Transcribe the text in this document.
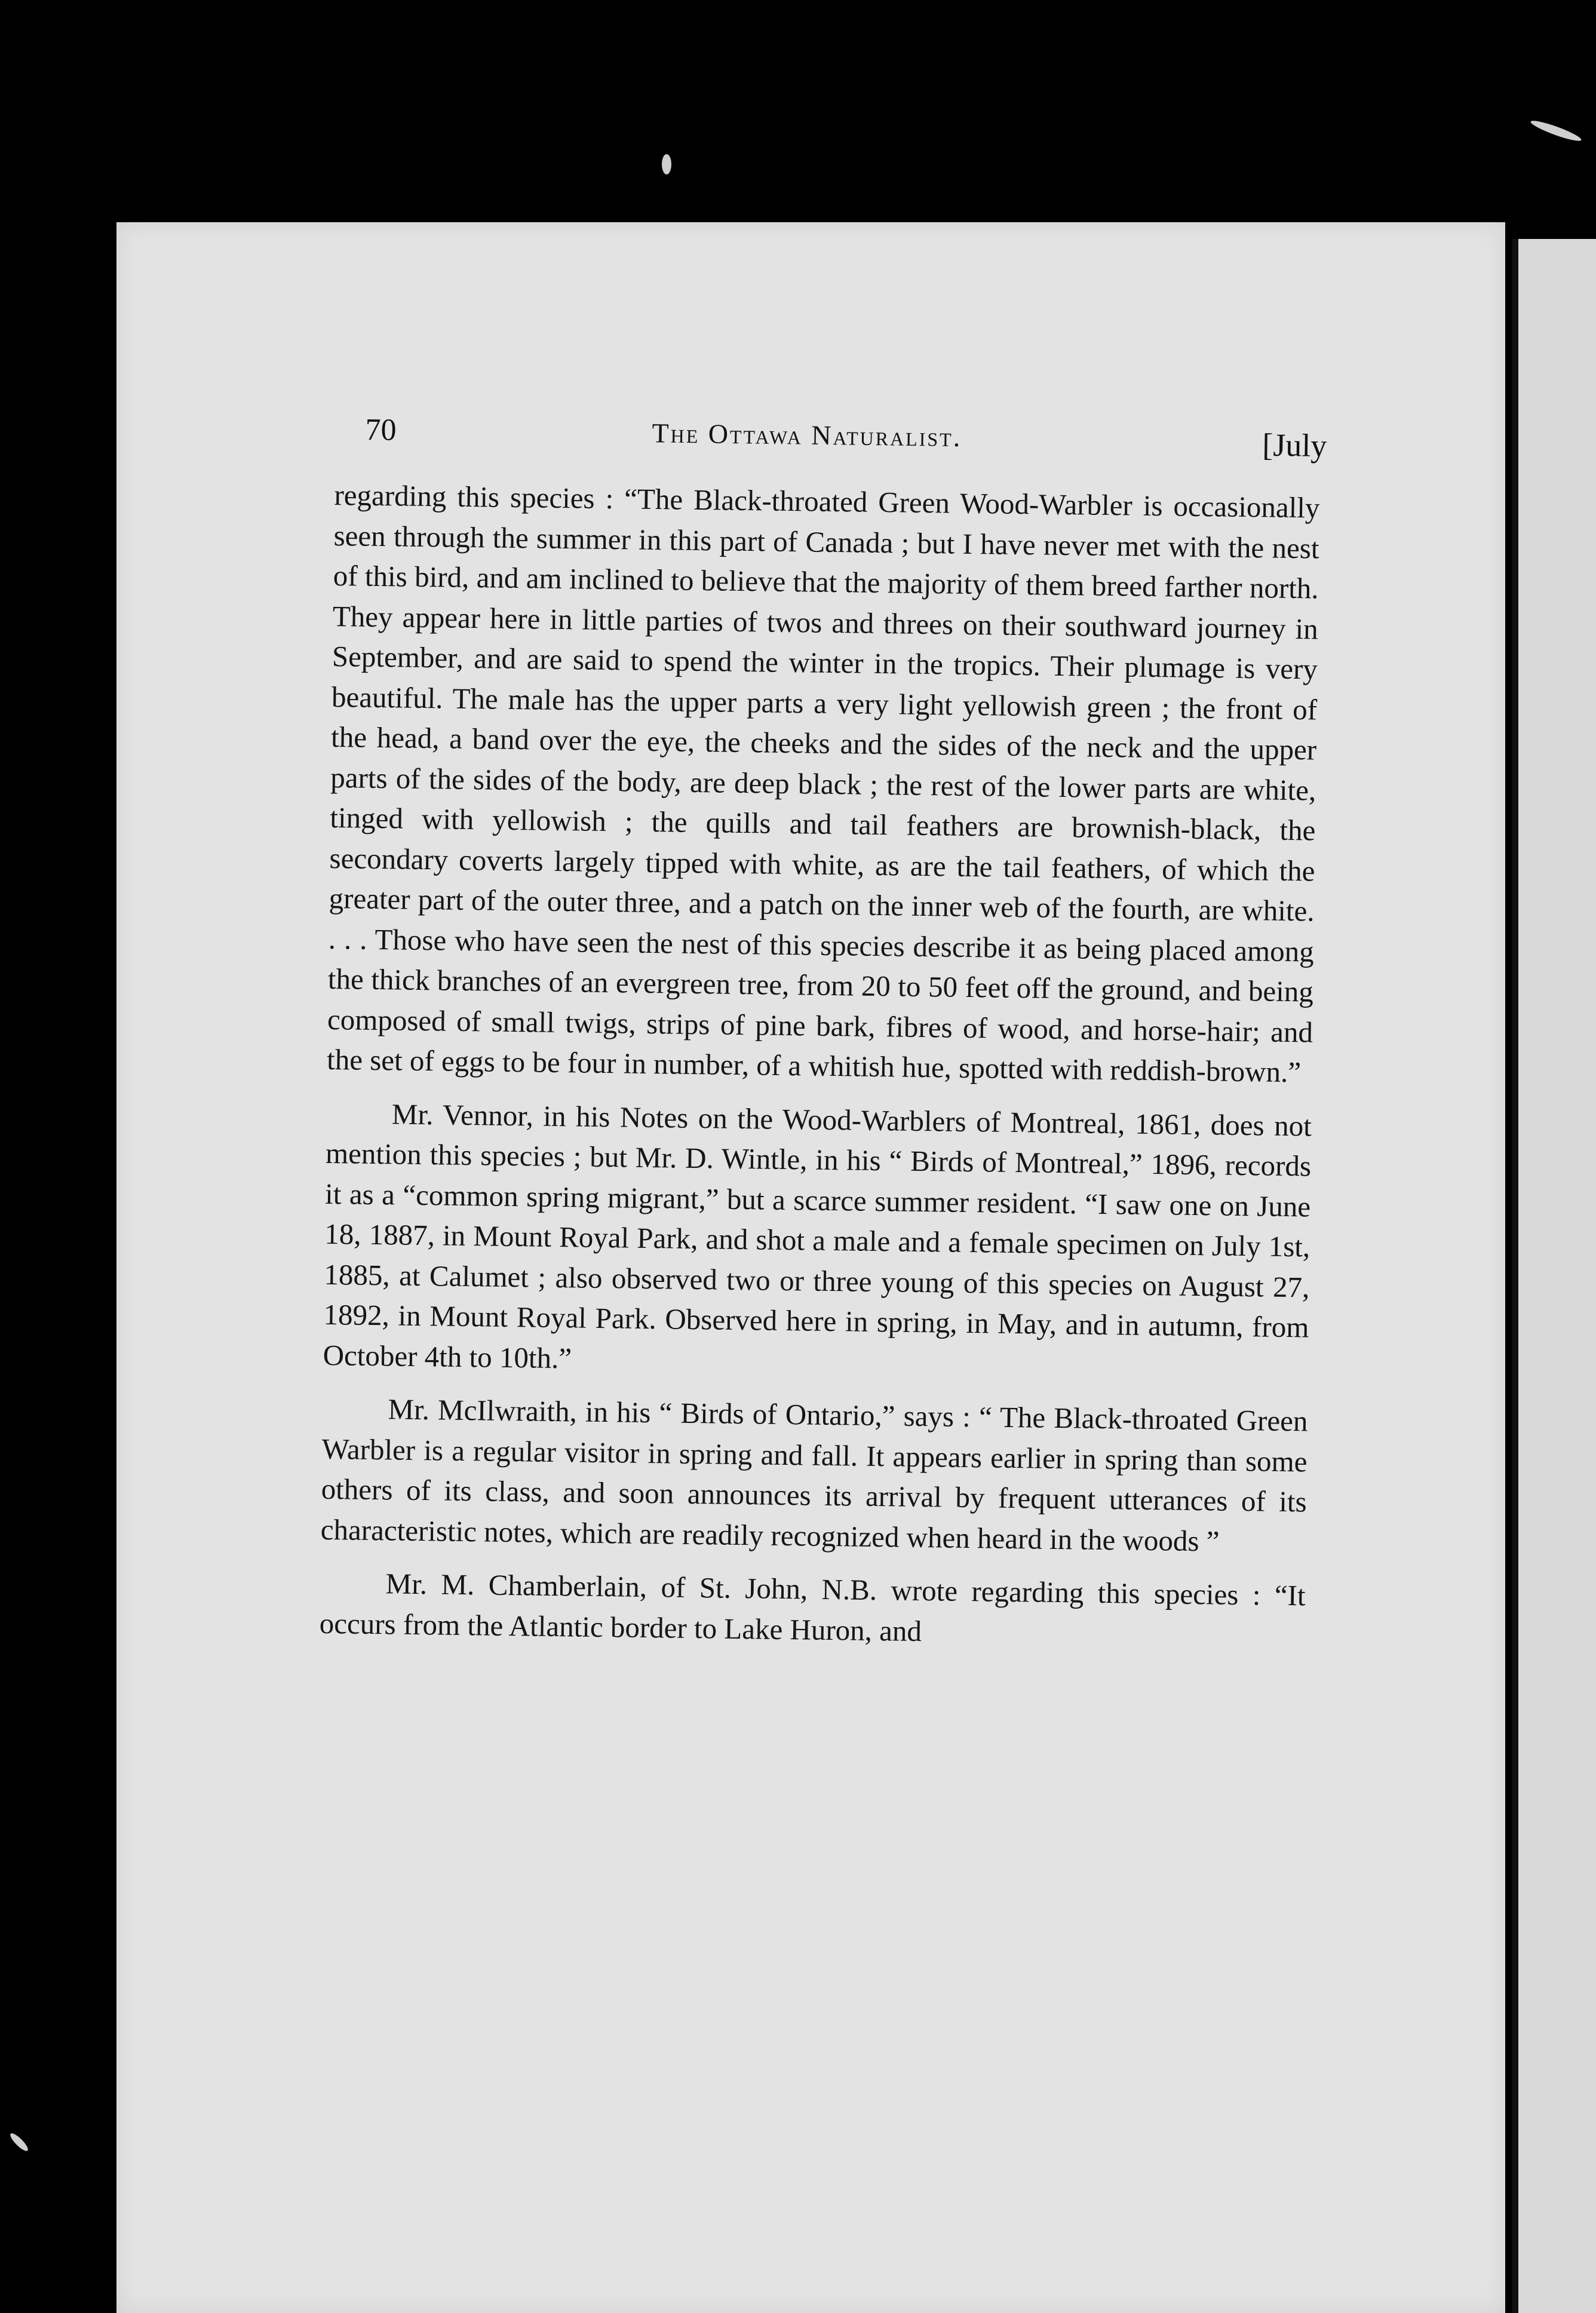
70	The Ottawa Naturalist.	[July

regarding this species : “The Black-throated Green Wood-Warbler is occasionally seen through the summer in this part of Canada ; but I have never met with the nest of this bird, and am inclined to believe that the majority of them breed farther north. They appear here in little parties of twos and threes on their southward journey in September, and are said to spend the winter in the tropics. Their plumage is very beautiful. The male has the upper parts a very light yellowish green ; the front of the head, a band over the eye, the cheeks and the sides of the neck and the upper parts of the sides of the body, are deep black ; the rest of the lower parts are white, tinged with yellowish ; the quills and tail feathers are brownish-black, the secondary coverts largely tipped with white, as are the tail feathers, of which the greater part of the outer three, and a patch on the inner web of the fourth, are white. . . . Those who have seen the nest of this species describe it as being placed among the thick branches of an evergreen tree, from 20 to 50 feet off the ground, and being composed of small twigs, strips of pine bark, fibres of wood, and horse-hair; and the set of eggs to be four in number, of a whitish hue, spotted with reddish-brown.”

Mr. Vennor, in his Notes on the Wood-Warblers of Montreal, 1861, does not mention this species ; but Mr. D. Wintle, in his “ Birds of Montreal,” 1896, records it as a “common spring migrant,” but a scarce summer resident. “I saw one on June 18, 1887, in Mount Royal Park, and shot a male and a female specimen on July 1st, 1885, at Calumet ; also observed two or three young of this species on August 27, 1892, in Mount Royal Park. Observed here in spring, in May, and in autumn, from October 4th to 10th.”

Mr. McIlwraith, in his “ Birds of Ontario,” says : “ The Black-throated Green Warbler is a regular visitor in spring and fall. It appears earlier in spring than some others of its class, and soon announces its arrival by frequent utterances of its characteristic notes, which are readily recognized when heard in the woods ”

Mr. M. Chamberlain, of St. John, N.B. wrote regarding this species : “It occurs from the Atlantic border to Lake Huron, and
